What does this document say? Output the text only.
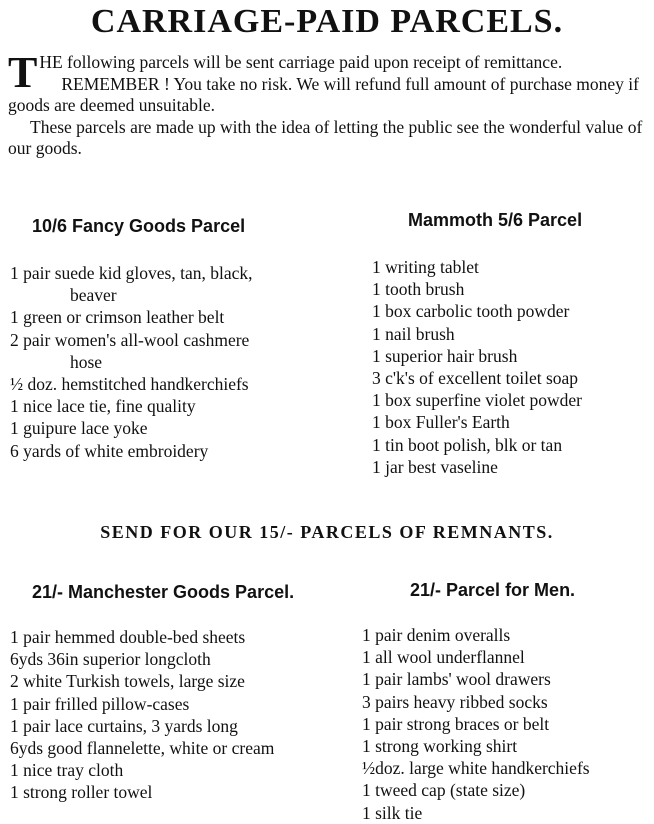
CARRIAGE-PAID PARCELS.

THE following parcels will be sent carriage paid upon receipt of remittance.

REMEMBER ! You take no risk. We will refund full amount of purchase money if goods are deemed unsuitable.

These parcels are made up with the idea of letting the public see the wonderful value of our goods.

10/6 Fancy Goods Parcel
1 pair suede kid gloves, tan, black,
beaver
1 green or crimson leather belt
2 pair women's all-wool cashmere
hose
½ doz. hemstitched handkerchiefs
1 nice lace tie, fine quality
1 guipure lace yoke
6 yards of white embroidery
Mammoth 5/6 Parcel
1 writing tablet
1 tooth brush
1 box carbolic tooth powder
1 nail brush
1 superior hair brush
3 c'k's of excellent toilet soap
1 box superfine violet powder
1 box Fuller's Earth
1 tin boot polish, blk or tan
1 jar best vaseline
SEND FOR OUR 15/- PARCELS OF REMNANTS.
21/- Manchester Goods Parcel.
1 pair hemmed double-bed sheets
6yds 36in superior longcloth
2 white Turkish towels, large size
1 pair frilled pillow-cases
1 pair lace curtains, 3 yards long
6yds good flannelette, white or cream
1 nice tray cloth
1 strong roller towel
21/- Parcel for Men.
1 pair denim overalls
1 all wool underflannel
1 pair lambs' wool drawers
3 pairs heavy ribbed socks
1 pair strong braces or belt
1 strong working shirt
½doz. large white handkerchiefs
1 tweed cap (state size)
1 silk tie
